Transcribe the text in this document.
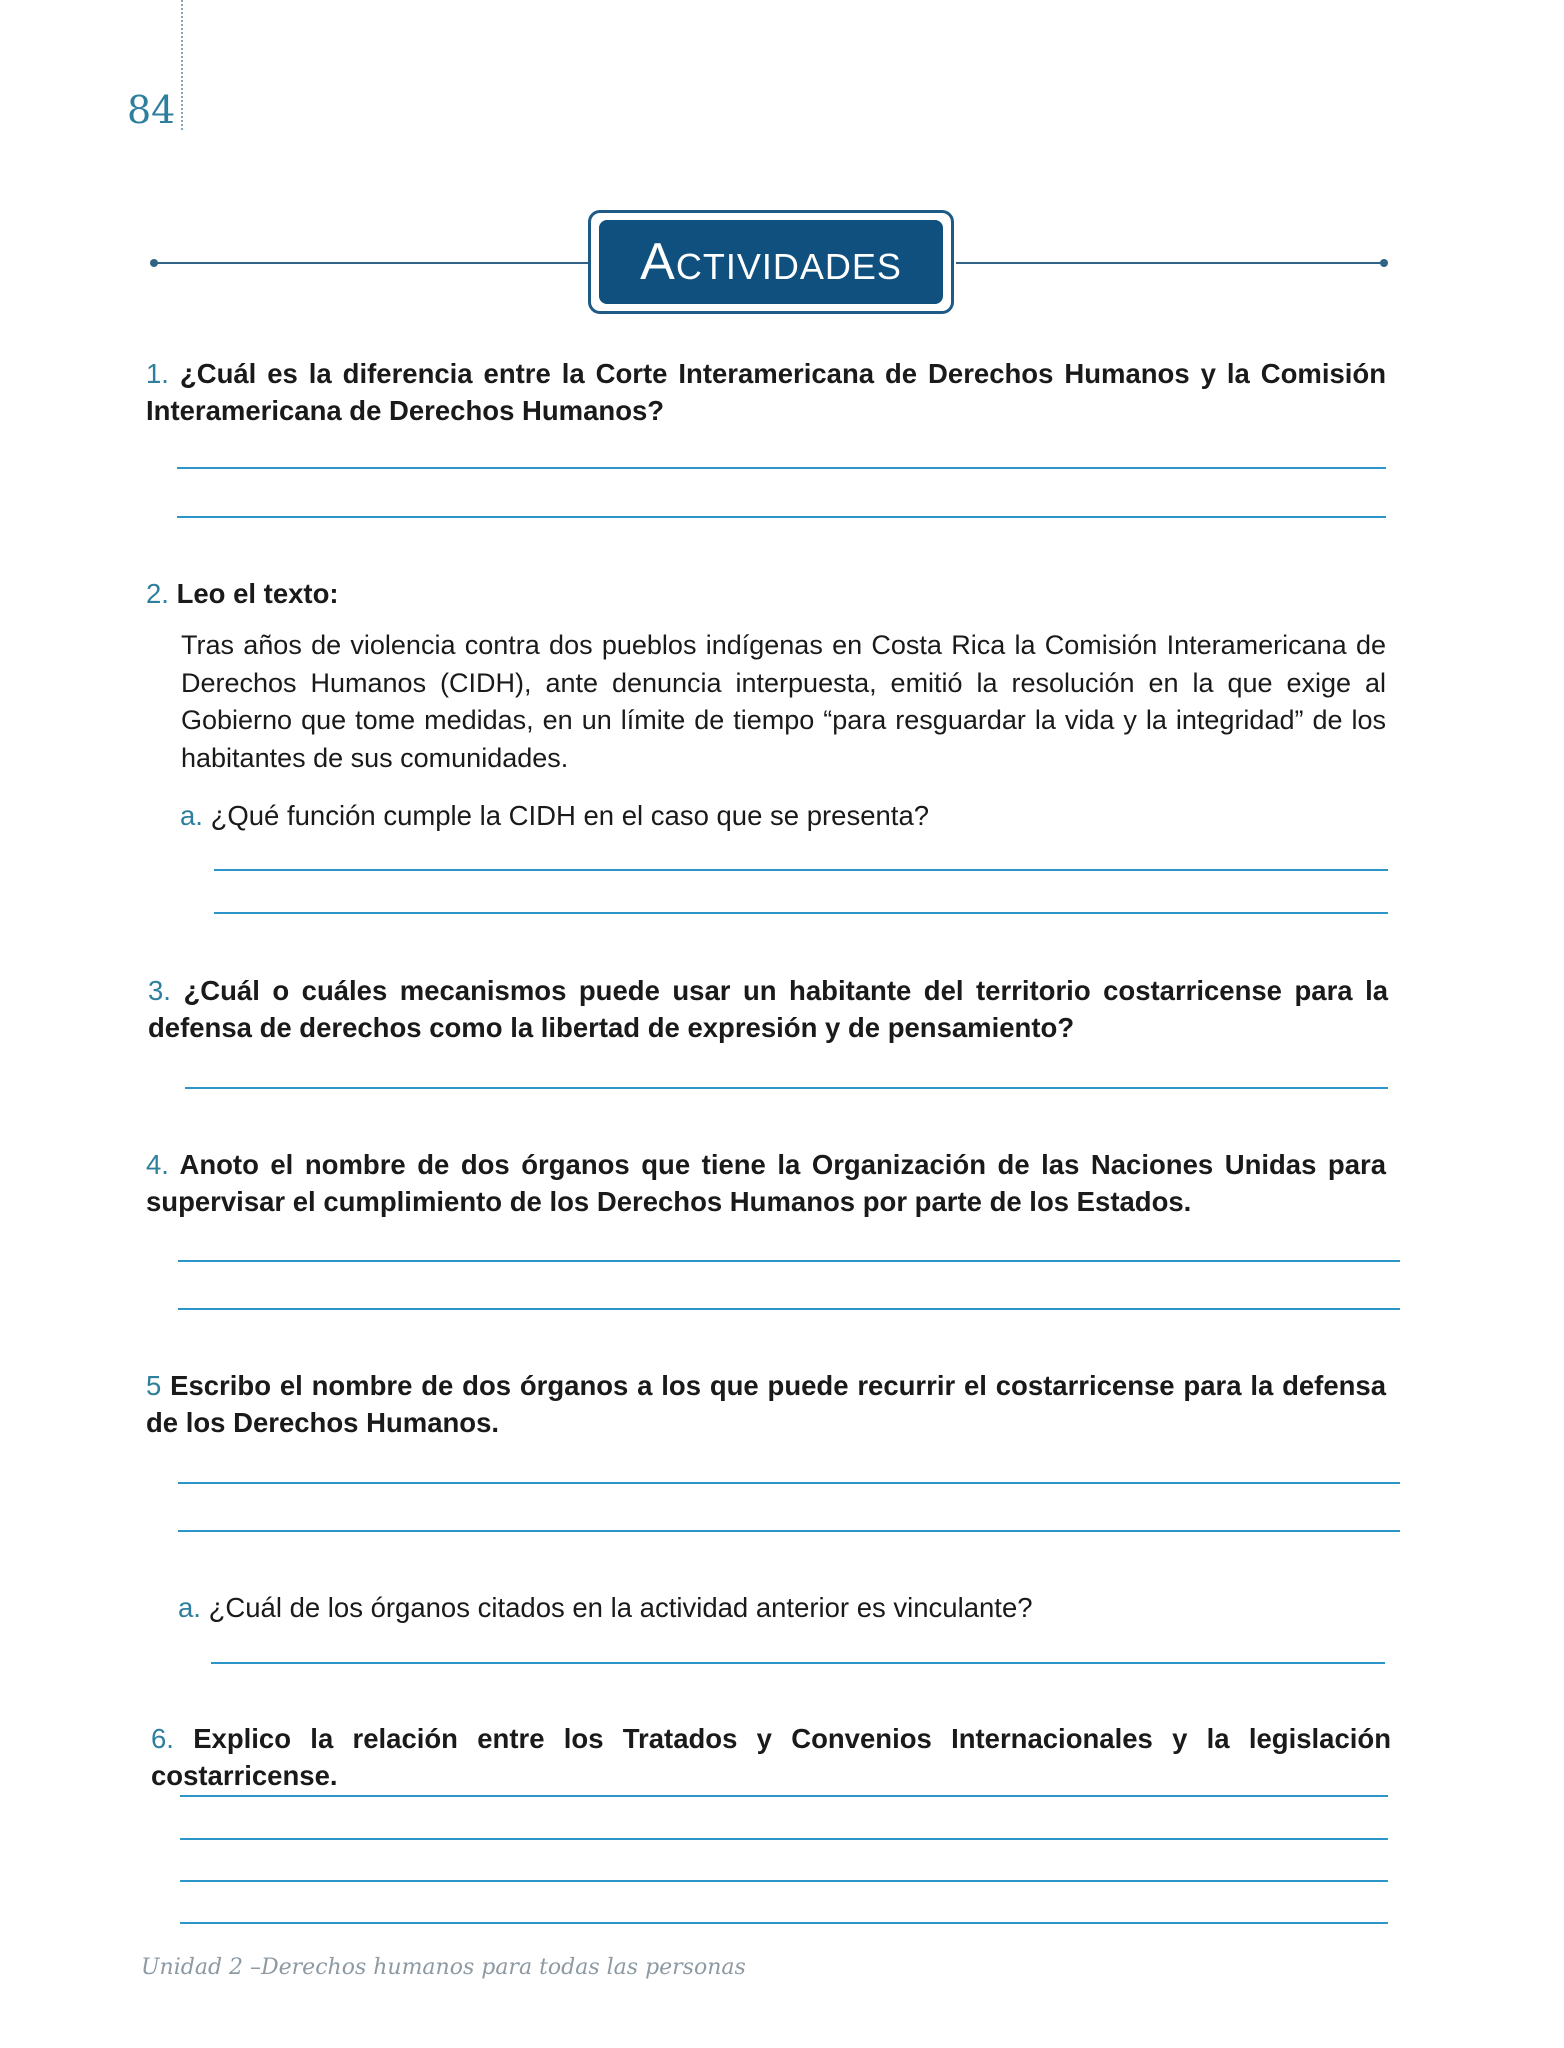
84
Actividades
1. ¿Cuál es la diferencia entre la Corte Interamericana de Derechos Humanos y la Comisión Interamericana de Derechos Humanos?
2. Leo el texto:
Tras años de violencia contra dos pueblos indígenas en Costa Rica la Comisión Interamericana de Derechos Humanos (CIDH), ante denuncia interpuesta, emitió la resolución en la que exige al Gobierno que tome medidas, en un límite de tiempo “para resguardar la vida y la integridad” de los habitantes de sus comunidades.
a. ¿Qué función cumple la CIDH en el caso que se presenta?
3. ¿Cuál o cuáles mecanismos puede usar un habitante del territorio costarricense para la defensa de derechos como la libertad de expresión y de pensamiento?
4. Anoto el nombre de dos órganos que tiene la Organización de las Naciones Unidas para supervisar el cumplimiento de los Derechos Humanos por parte de los Estados.
5 Escribo el nombre de dos órganos a los que puede recurrir el costarricense para la defensa de los Derechos Humanos.
a. ¿Cuál de los órganos citados en la actividad anterior es vinculante?
6. Explico la relación entre los Tratados y Convenios Internacionales y la legislación costarricense.
Unidad 2 –Derechos humanos para todas las personas
